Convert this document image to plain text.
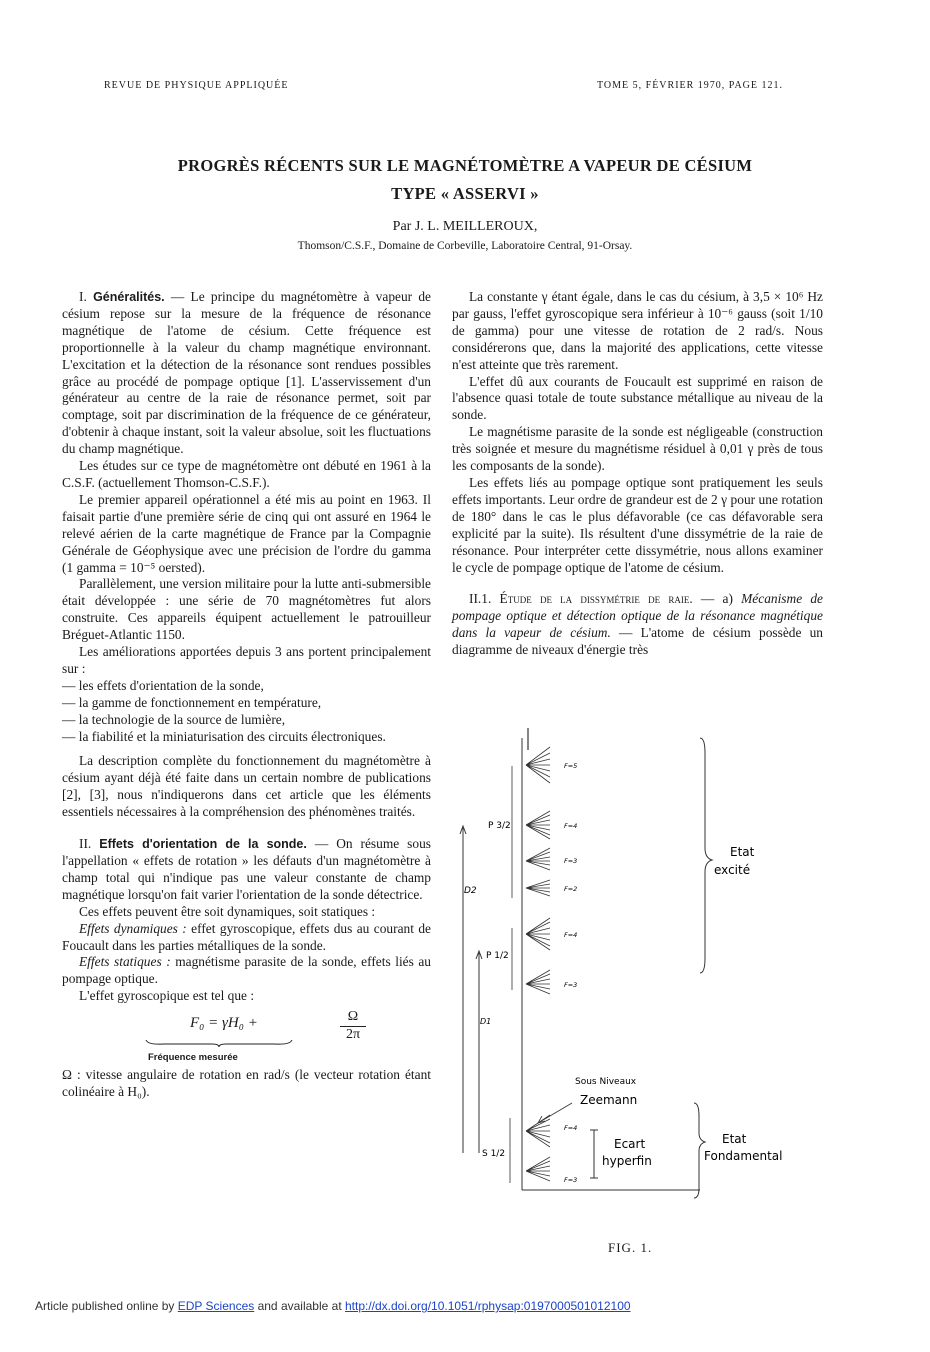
REVUE DE PHYSIQUE APPLIQUÉE	TOME 5, FÉVRIER 1970, PAGE 121.
PROGRÈS RÉCENTS SUR LE MAGNÉTOMÈTRE A VAPEUR DE CÉSIUM
TYPE « ASSERVI »
Par J. L. MEILLEROUX,
Thomson/C.S.F., Domaine de Corbeville, Laboratoire Central, 91-Orsay.

I. Généralités. — Le principe du magnétomètre à vapeur de césium repose sur la mesure de la fréquence de résonance magnétique de l'atome de césium. Cette fréquence est proportionnelle à la valeur du champ magnétique environnant. L'excitation et la détection de la résonance sont rendues possibles grâce au procédé de pompage optique [1]. L'asservissement d'un générateur au centre de la raie de résonance permet, soit par comptage, soit par discrimination de la fréquence de ce générateur, d'obtenir à chaque instant, soit la valeur absolue, soit les fluctuations du champ magnétique.

Les études sur ce type de magnétomètre ont débuté en 1961 à la C.S.F. (actuellement Thomson-C.S.F.).

Le premier appareil opérationnel a été mis au point en 1963. Il faisait partie d'une première série de cinq qui ont assuré en 1964 le relevé aérien de la carte magnétique de France par la Compagnie Générale de Géophysique avec une précision de l'ordre du gamma (1 gamma = 10⁻⁵ oersted).

Parallèlement, une version militaire pour la lutte anti-submersible était développée : une série de 70 magnétomètres fut alors construite. Ces appareils équipent actuellement le patrouilleur Bréguet-Atlantic 1150.

Les améliorations apportées depuis 3 ans portent principalement sur :

— les effets d'orientation de la sonde,
— la gamme de fonctionnement en température,
— la technologie de la source de lumière,
— la fiabilité et la miniaturisation des circuits électroniques.

La description complète du fonctionnement du magnétomètre à césium ayant déjà été faite dans un certain nombre de publications [2], [3], nous n'indiquerons dans cet article que les éléments essentiels nécessaires à la compréhension des phénomènes traités.

II. Effets d'orientation de la sonde. — On résume sous l'appellation « effets de rotation » les défauts d'un magnétomètre à champ total qui n'indique pas une valeur constante de champ magnétique lorsqu'on fait varier l'orientation de la sonde détectrice.

Ces effets peuvent être soit dynamiques, soit statiques :

Effets dynamiques : effet gyroscopique, effets dus au courant de Foucault dans les parties métalliques de la sonde.

Effets statiques : magnétisme parasite de la sonde, effets liés au pompage optique.

L'effet gyroscopique est tel que :

F₀ = γH₀ +	$\frac{\Omega}{2\pi}$
Fréquence mesurée

Ω : vitesse angulaire de rotation en rad/s (le vecteur rotation étant colinéaire à H₀).

La constante γ étant égale, dans le cas du césium, à 3,5 × 10⁶ Hz par gauss, l'effet gyroscopique sera inférieur à 10⁻⁶ gauss (soit 1/10 de gamma) pour une vitesse de rotation de 2 rad/s. Nous considérerons que, dans la majorité des applications, cette vitesse n'est atteinte que très rarement.

L'effet dû aux courants de Foucault est supprimé en raison de l'absence quasi totale de toute substance métallique au niveau de la sonde.

Le magnétisme parasite de la sonde est négligeable (construction très soignée et mesure du magnétisme résiduel à 0,01 γ près de tous les composants de la sonde).

Les effets liés au pompage optique sont pratiquement les seuls effets importants. Leur ordre de grandeur est de 2 γ pour une rotation de 180° dans le cas le plus défavorable (ce cas défavorable sera explicité par la suite). Ils résultent d'une dissymétrie de la raie de résonance. Pour interpréter cette dissymétrie, nous allons examiner le cycle de pompage optique de l'atome de césium.

II.1. Étude de la dissymétrie de raie. — a) Mécanisme de pompage optique et détection optique de la résonance magnétique dans la vapeur de césium. — L'atome de césium possède un diagramme de niveaux d'énergie très

D2
D1
P 3/2
P 1/2
S 1/2
F=5
F=4
F=3
F=2
F=4
F=3
F=4
F=3
Sous Niveaux
Zeemann
Ecart
hyperfin
Etat
excité
Etat
Fondamental
FIG. 1.
Article published online by EDP Sciences and available at http://dx.doi.org/10.1051/rphysap:0197000501012100
